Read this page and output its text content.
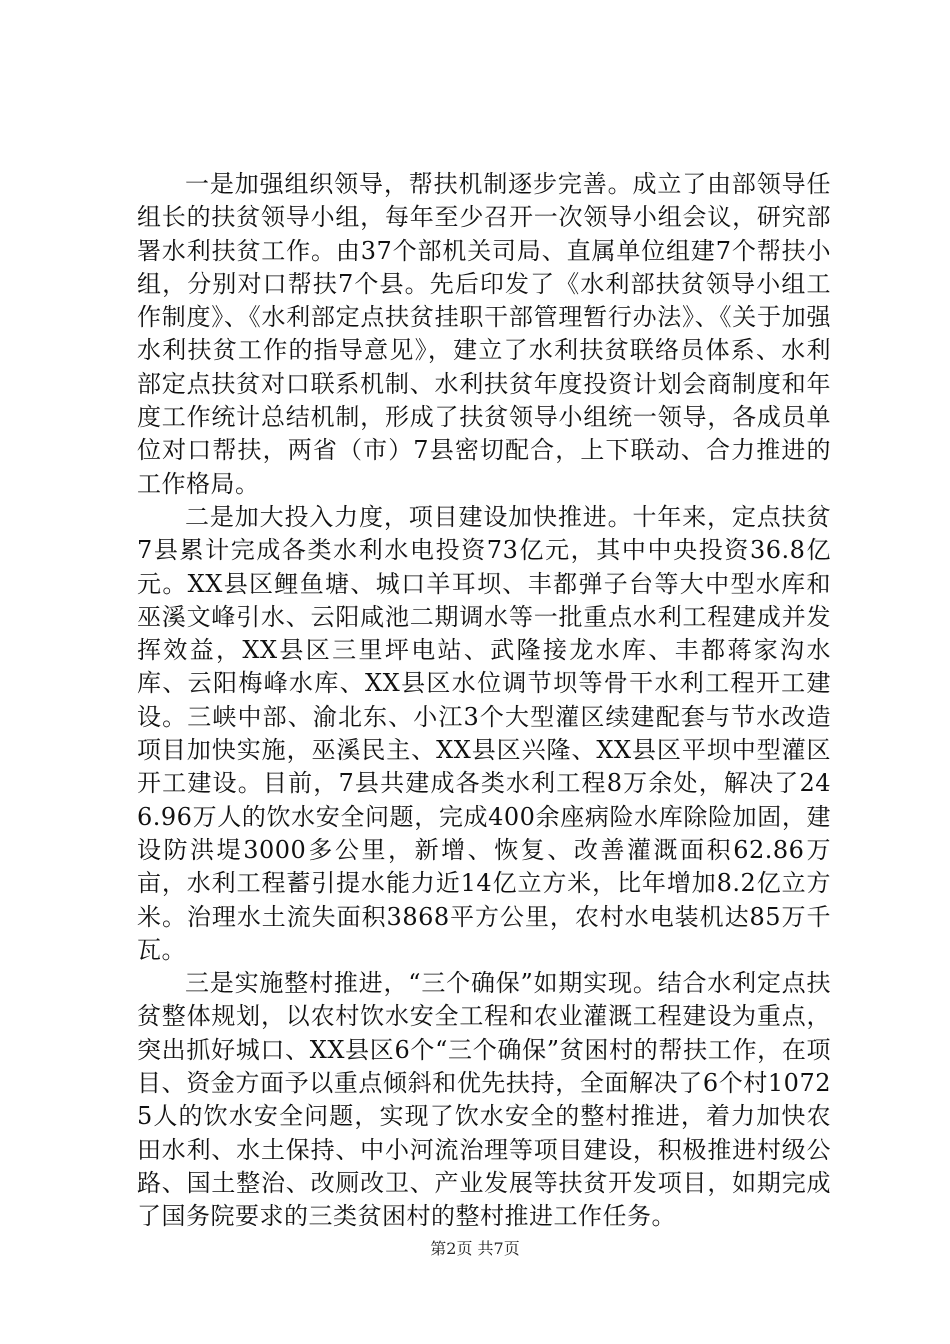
一是加强组织领导，帮扶机制逐步完善。成立了由部领导任组长的扶贫领导小组，每年至少召开一次领导小组会议，研究部署水利扶贫工作。由37个部机关司局、直属单位组建7个帮扶小组，分别对口帮扶7个县。先后印发了《水利部扶贫领导小组工作制度》、《水利部定点扶贫挂职干部管理暂行办法》、《关于加强水利扶贫工作的指导意见》，建立了水利扶贫联络员体系、水利部定点扶贫对口联系机制、水利扶贫年度投资计划会商制度和年度工作统计总结机制，形成了扶贫领导小组统一领导，各成员单位对口帮扶，两省（市）7县密切配合，上下联动、合力推进的工作格局。

二是加大投入力度，项目建设加快推进。十年来，定点扶贫7县累计完成各类水利水电投资73亿元，其中中央投资36.8亿元。XX县区鲤鱼塘、城口羊耳坝、丰都弹子台等大中型水库和巫溪文峰引水、云阳咸池二期调水等一批重点水利工程建成并发挥效益，XX县区三里坪电站、武隆接龙水库、丰都蒋家沟水库、云阳梅峰水库、XX县区水位调节坝等骨干水利工程开工建设。三峡中部、渝北东、小江3个大型灌区续建配套与节水改造项目加快实施，巫溪民主、XX县区兴隆、XX县区平坝中型灌区开工建设。目前，7县共建成各类水利工程8万余处，解决了246.96万人的饮水安全问题，完成400余座病险水库除险加固，建设防洪堤3000多公里，新增、恢复、改善灌溉面积62.86万亩，水利工程蓄引提水能力近14亿立方米，比年增加8.2亿立方米。治理水土流失面积3868平方公里，农村水电装机达85万千瓦。

三是实施整村推进，“三个确保”如期实现。结合水利定点扶贫整体规划，以农村饮水安全工程和农业灌溉工程建设为重点，突出抓好城口、XX县区6个“三个确保”贫困村的帮扶工作，在项目、资金方面予以重点倾斜和优先扶持，全面解决了6个村10725人的饮水安全问题，实现了饮水安全的整村推进，着力加快农田水利、水土保持、中小河流治理等项目建设，积极推进村级公路、国土整治、改厕改卫、产业发展等扶贫开发项目，如期完成了国务院要求的三类贫困村的整村推进工作任务。

第2页 共7页
